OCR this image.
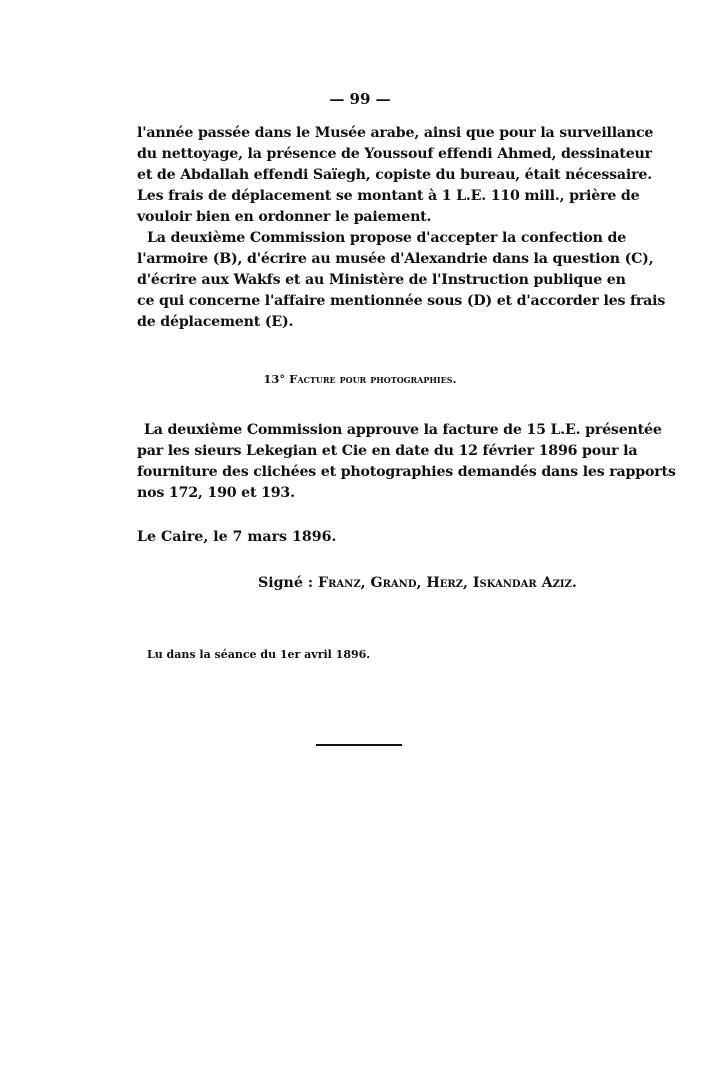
— 99 —
l'année passée dans le Musée arabe, ainsi que pour la surveillance
du nettoyage, la présence de Youssouf effendi Ahmed, dessinateur
et de Abdallah effendi Saïegh, copiste du bureau, était nécessaire.
Les frais de déplacement se montant à 1 L.E. 110 mill., prière de
vouloir bien en ordonner le paiement.
La deuxième Commission propose d'accepter la confection de
l'armoire (B), d'écrire au musée d'Alexandrie dans la question (C),
d'écrire aux Wakfs et au Ministère de l'Instruction publique en
ce qui concerne l'affaire mentionnée sous (D) et d'accorder les frais
de déplacement (E).
13° Facture pour photographies.
La deuxième Commission approuve la facture de 15 L.E. présentée
par les sieurs Lekegian et Cie en date du 12 février 1896 pour la
fourniture des clichées et photographies demandés dans les rapports
nos 172, 190 et 193.
Le Caire, le 7 mars 1896.
Signé : Franz, Grand, Herz, Iskandar Aziz.
Lu dans la séance du 1er avril 1896.
